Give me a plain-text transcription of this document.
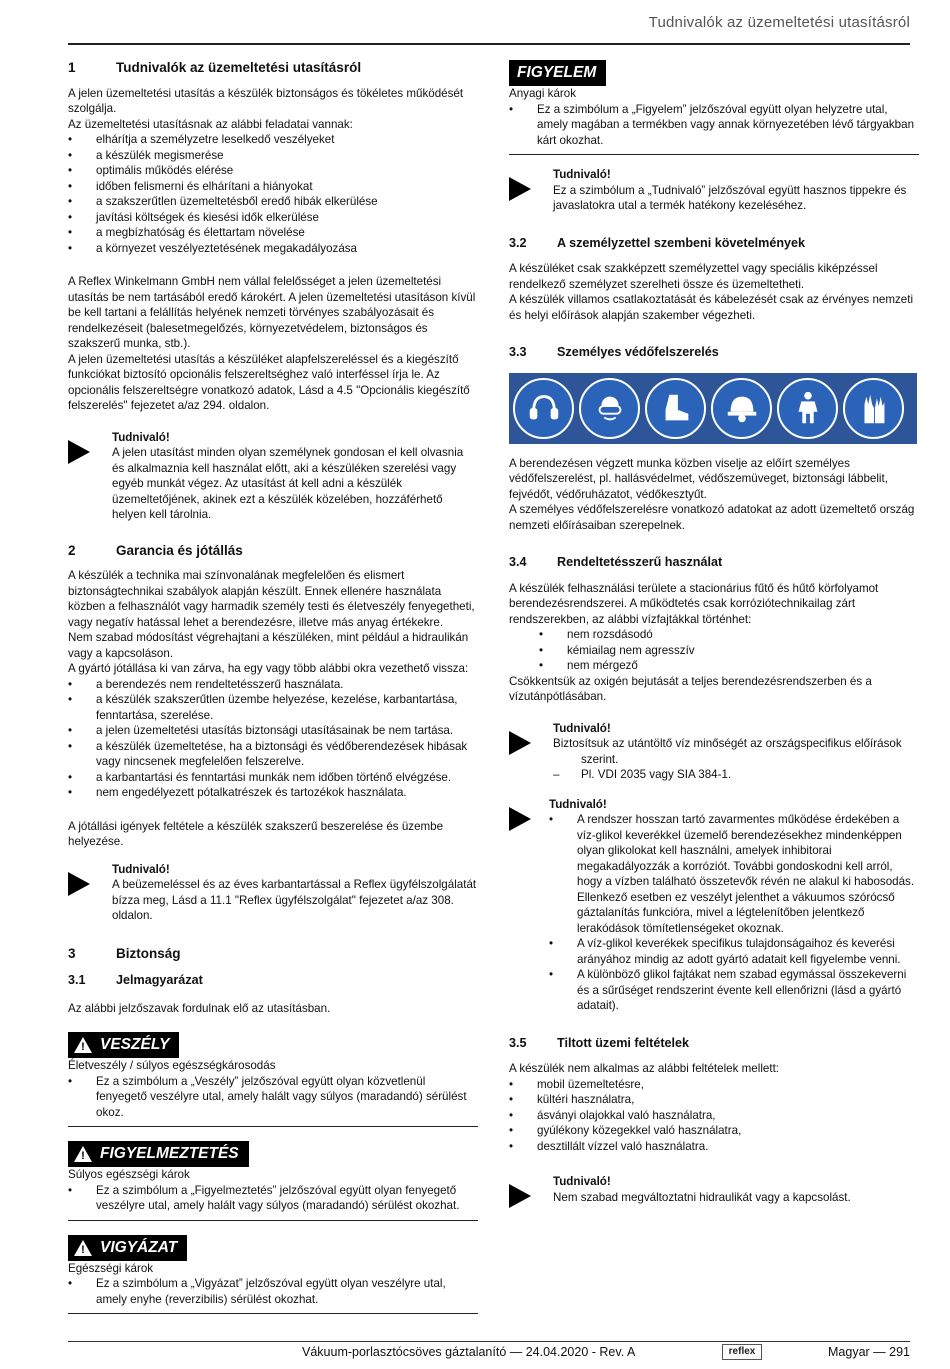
Tudnivalók az üzemeltetési utasításról
1	Tudnivalók az üzemeltetési utasításról

A jelen üzemeltetési utasítás a készülék biztonságos és tökéletes működését szolgálja.

Az üzemeltetési utasításnak az alábbi feladatai vannak:

• elhárítja a személyzetre leselkedő veszélyeket
• a készülék megismerése
• optimális működés elérése
• időben felismerni és elhárítani a hiányokat
• a szakszerűtlen üzemeltetésből eredő hibák elkerülése
• javítási költségek és kiesési idők elkerülése
• a megbízhatóság és élettartam növelése
• a környezet veszélyeztetésének megakadályozása

A Reflex Winkelmann GmbH nem vállal felelősséget a jelen üzemeltetési utasítás be nem tartásából eredő károkért. A jelen üzemeltetési utasításon kívül be kell tartani a felállítás helyének nemzeti törvényes szabályozásait és rendelkezéseit (balesetmegelőzés, környezetvédelem, biztonságos és szakszerű munka, stb.).

A jelen üzemeltetési utasítás a készüléket alapfelszereléssel és a kiegészítő funkciókat biztosító opcionális felszereltséghez való interféssel írja le. Az opcionális felszereltségre vonatkozó adatok, Lásd a 4.5 "Opcionális kiegészítő felszerelés" fejezetet a/az 294. oldalon.

Tudnivaló!
A jelen utasítást minden olyan személynek gondosan el kell olvasnia és alkalmaznia kell használat előtt, aki a készüléken szerelési vagy egyéb munkát végez. Az utasítást át kell adni a készülék üzemeltetőjének, akinek ezt a készülék közelében, hozzáférhető helyen kell tárolnia.
2	Garancia és jótállás

A készülék a technika mai színvonalának megfelelően és elismert biztonságtechnikai szabályok alapján készült. Ennek ellenére használata közben a felhasználót vagy harmadik személy testi és életveszély fenyegetheti, vagy negatív hatással lehet a berendezésre, illetve más anyag értékekre.

Nem szabad módosítást végrehajtani a készüléken, mint például a hidraulikán vagy a kapcsoláson.

A gyártó jótállása ki van zárva, ha egy vagy több alábbi okra vezethető vissza:

• a berendezés nem rendeltetésszerű használata.
• a készülék szakszerűtlen üzembe helyezése, kezelése, karbantartása, fenntartása, szerelése.
• a jelen üzemeltetési utasítás biztonsági utasításainak be nem tartása.
• a készülék üzemeltetése, ha a biztonsági és védőberendezések hibásak vagy nincsenek megfelelően felszerelve.
• a karbantartási és fenntartási munkák nem időben történő elvégzése.
• nem engedélyezett pótalkatrészek és tartozékok használata.

A jótállási igények feltétele a készülék szakszerű beszerelése és üzembe helyezése.

Tudnivaló!
A beüzemeléssel és az éves karbantartással a Reflex ügyfélszolgálatát bízza meg, Lásd a 11.1 "Reflex ügyfélszolgálat" fejezetet a/az 308. oldalon.
3	Biztonság
3.1	Jelmagyarázat

Az alábbi jelzőszavak fordulnak elő az utasításban.

! VESZÉLY

Életveszély / súlyos egészségkárosodás

• Ez a szimbólum a „Veszély” jelzőszóval együtt olyan közvetlenül fenyegető veszélyre utal, amely halált vagy súlyos (maradandó) sérülést okoz.
! FIGYELMEZTETÉS

Súlyos egészségi károk

• Ez a szimbólum a „Figyelmeztetés” jelzőszóval együtt olyan fenyegető veszélyre utal, amely halált vagy súlyos (maradandó) sérülést okozhat.
! VIGYÁZAT

Egészségi károk

• Ez a szimbólum a „Vigyázat” jelzőszóval együtt olyan veszélyre utal, amely enyhe (reverzibilis) sérülést okozhat.
FIGYELEM

Anyagi károk

• Ez a szimbólum a „Figyelem” jelzőszóval együtt olyan helyzetre utal, amely magában a termékben vagy annak környezetében lévő tárgyakban kárt okozhat.
Tudnivaló!
Ez a szimbólum a „Tudnivaló” jelzőszóval együtt hasznos tippekre és javaslatokra utal a termék hatékony kezeléséhez.
3.2	A személyzettel szembeni követelmények

A készüléket csak szakképzett személyzettel vagy speciális kiképzéssel rendelkező személyzet szerelheti össze és üzemeltetheti.

A készülék villamos csatlakoztatását és kábelezését csak az érvényes nemzeti és helyi előírások alapján szakember végezheti.

3.3	Személyes védőfelszerelés

A berendezésen végzett munka közben viselje az előírt személyes védőfelszerelést, pl. hallásvédelmet, védőszemüveget, biztonsági lábbelit, fejvédőt, védőruházatot, védőkesztyűt.

A személyes védőfelszerelésre vonatkozó adatokat az adott üzemeltető ország nemzeti előírásaiban szerepelnek.

3.4	Rendeltetésszerű használat

A készülék felhasználási területe a stacionárius fűtő és hűtő körfolyamot berendezésrendszerei. A működtetés csak korróziótechnikailag zárt rendszerekben, az alábbi vízfajtákkal történhet:

• nem rozsdásodó
• kémiailag nem agresszív
• nem mérgező

Csökkentsük az oxigén bejutását a teljes berendezésrendszerben és a vízutánpótlásában.

Tudnivaló!
Biztosítsuk az utántöltő víz minőségét az országspecifikus előírások
szerint.
– Pl. VDI 2035 vagy SIA 384-1.
Tudnivaló!
• A rendszer hosszan tartó zavarmentes működése érdekében a víz-glikol keverékkel üzemelő berendezésekhez mindenképpen olyan glikolokat kell használni, amelyek inhibitorai megakadályozzák a korróziót. További gondoskodni kell arról, hogy a vízben található összetevők révén ne alakul ki habosodás. Ellenkező esetben ez veszélyt jelenthet a vákuumos szórócső gáztalanítás funkcióra, mivel a légtelenítőben jelentkező lerakódások tömítetlenségeket okoznak.
• A víz-glikol keverékek specifikus tulajdonságaihoz és keverési arányához mindig az adott gyártó adatait kell figyelembe venni.
• A különböző glikol fajtákat nem szabad egymással összekeverni és a sűrűséget rendszerint évente kell ellenőrizni (lásd a gyártó adatait).
3.5	Tiltott üzemi feltételek

A készülék nem alkalmas az alábbi feltételek mellett:

• mobil üzemeltetésre,
• kültéri használatra,
• ásványi olajokkal való használatra,
• gyúlékony közegekkel való használatra,
• desztillált vízzel való használatra.
Tudnivaló!
Nem szabad megváltoztatni hidraulikát vagy a kapcsolást.
Vákuum-porlasztócsöves gáztalanító — 24.04.2020 - Rev. A	reflex	Magyar — 291
